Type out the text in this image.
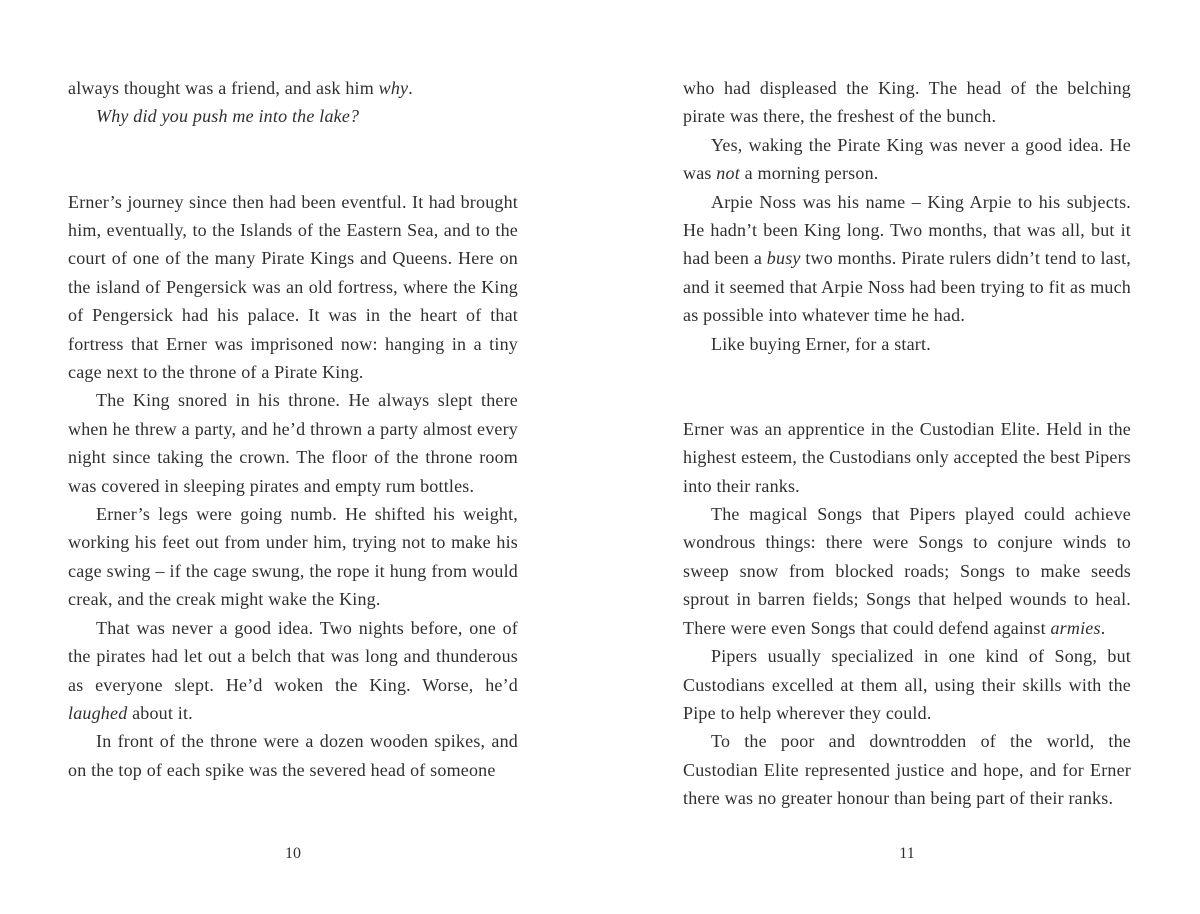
always thought was a friend, and ask him why.

Why did you push me into the lake?

Erner’s journey since then had been eventful. It had brought him, eventually, to the Islands of the Eastern Sea, and to the court of one of the many Pirate Kings and Queens. Here on the island of Pengersick was an old fortress, where the King of Pengersick had his palace. It was in the heart of that fortress that Erner was imprisoned now: hanging in a tiny cage next to the throne of a Pirate King.

The King snored in his throne. He always slept there when he threw a party, and he’d thrown a party almost every night since taking the crown. The floor of the throne room was covered in sleeping pirates and empty rum bottles.

Erner’s legs were going numb. He shifted his weight, working his feet out from under him, trying not to make his cage swing – if the cage swung, the rope it hung from would creak, and the creak might wake the King.

That was never a good idea. Two nights before, one of the pirates had let out a belch that was long and thunderous as everyone slept. He’d woken the King. Worse, he’d laughed about it.

In front of the throne were a dozen wooden spikes, and on the top of each spike was the severed head of someone

who had displeased the King. The head of the belching pirate was there, the freshest of the bunch.

Yes, waking the Pirate King was never a good idea. He was not a morning person.

Arpie Noss was his name – King Arpie to his subjects. He hadn’t been King long. Two months, that was all, but it had been a busy two months. Pirate rulers didn’t tend to last, and it seemed that Arpie Noss had been trying to fit as much as possible into whatever time he had.

Like buying Erner, for a start.

Erner was an apprentice in the Custodian Elite. Held in the highest esteem, the Custodians only accepted the best Pipers into their ranks.

The magical Songs that Pipers played could achieve wondrous things: there were Songs to conjure winds to sweep snow from blocked roads; Songs to make seeds sprout in barren fields; Songs that helped wounds to heal. There were even Songs that could defend against armies.

Pipers usually specialized in one kind of Song, but Custodians excelled at them all, using their skills with the Pipe to help wherever they could.

To the poor and downtrodden of the world, the Custodian Elite represented justice and hope, and for Erner there was no greater honour than being part of their ranks.

10	11
